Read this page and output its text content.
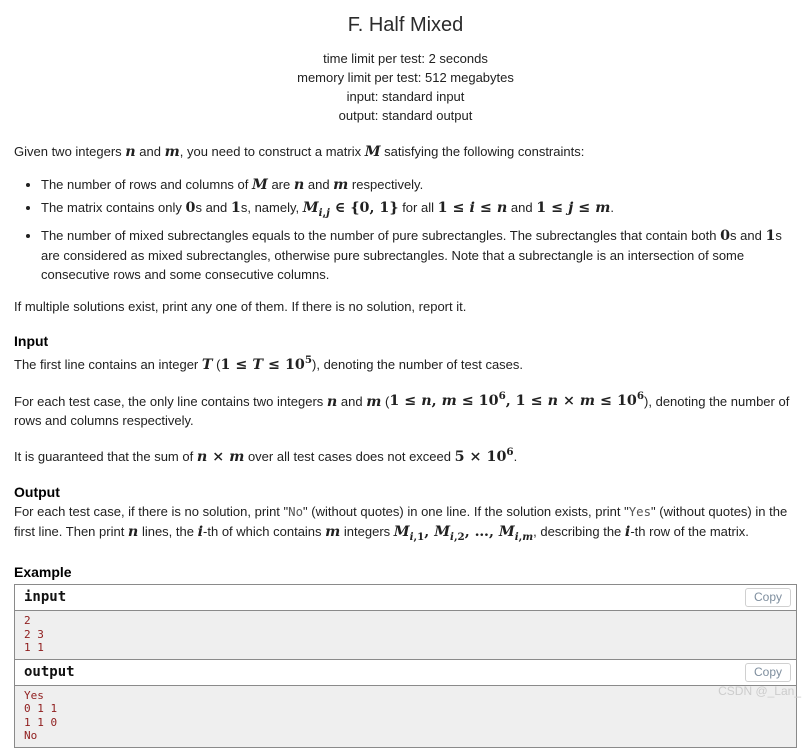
F. Half Mixed
time limit per test: 2 seconds
memory limit per test: 512 megabytes
input: standard input
output: standard output

Given two integers n and m, you need to construct a matrix M satisfying the following constraints:

• The number of rows and columns of M are n and m respectively.
• The matrix contains only 0s and 1s, namely, $M_{i,j}$ ∈ {0, 1} for all 1 ≤ i ≤ n and 1 ≤ j ≤ m.
• The number of mixed subrectangles equals to the number of pure subrectangles. The subrectangles that contain both 0s and 1s are considered as mixed subrectangles, otherwise pure subrectangles. Note that a subrectangle is an intersection of some consecutive rows and some consecutive columns.

If multiple solutions exist, print any one of them. If there is no solution, report it.

Input

The first line contains an integer T $(1 \le T \le 10^5)$, denoting the number of test cases.

For each test case, the only line contains two integers n and m (1 ≤ n, $m \le 10^6$, $1 \le n \times m \le 10^6$), denoting the number of rows and columns respectively.

It is guaranteed that the sum of n × m over all test cases does not exceed $5 \times 10^6$.

Output

For each test case, if there is no solution, print "No" (without quotes) in one line. If the solution exists, print "Yes" (without quotes) in the first line. Then print n lines, the i-th of which contains m integers $M_{i,1}$, $M_{i,2}$, …, $M_{i,m}$, describing the i-th row of the matrix.

Example
input	Copy
2
2 3
1 1
output	Copy
Yes
0 1 1
1 1 0
No
CSDN @_Lan_
